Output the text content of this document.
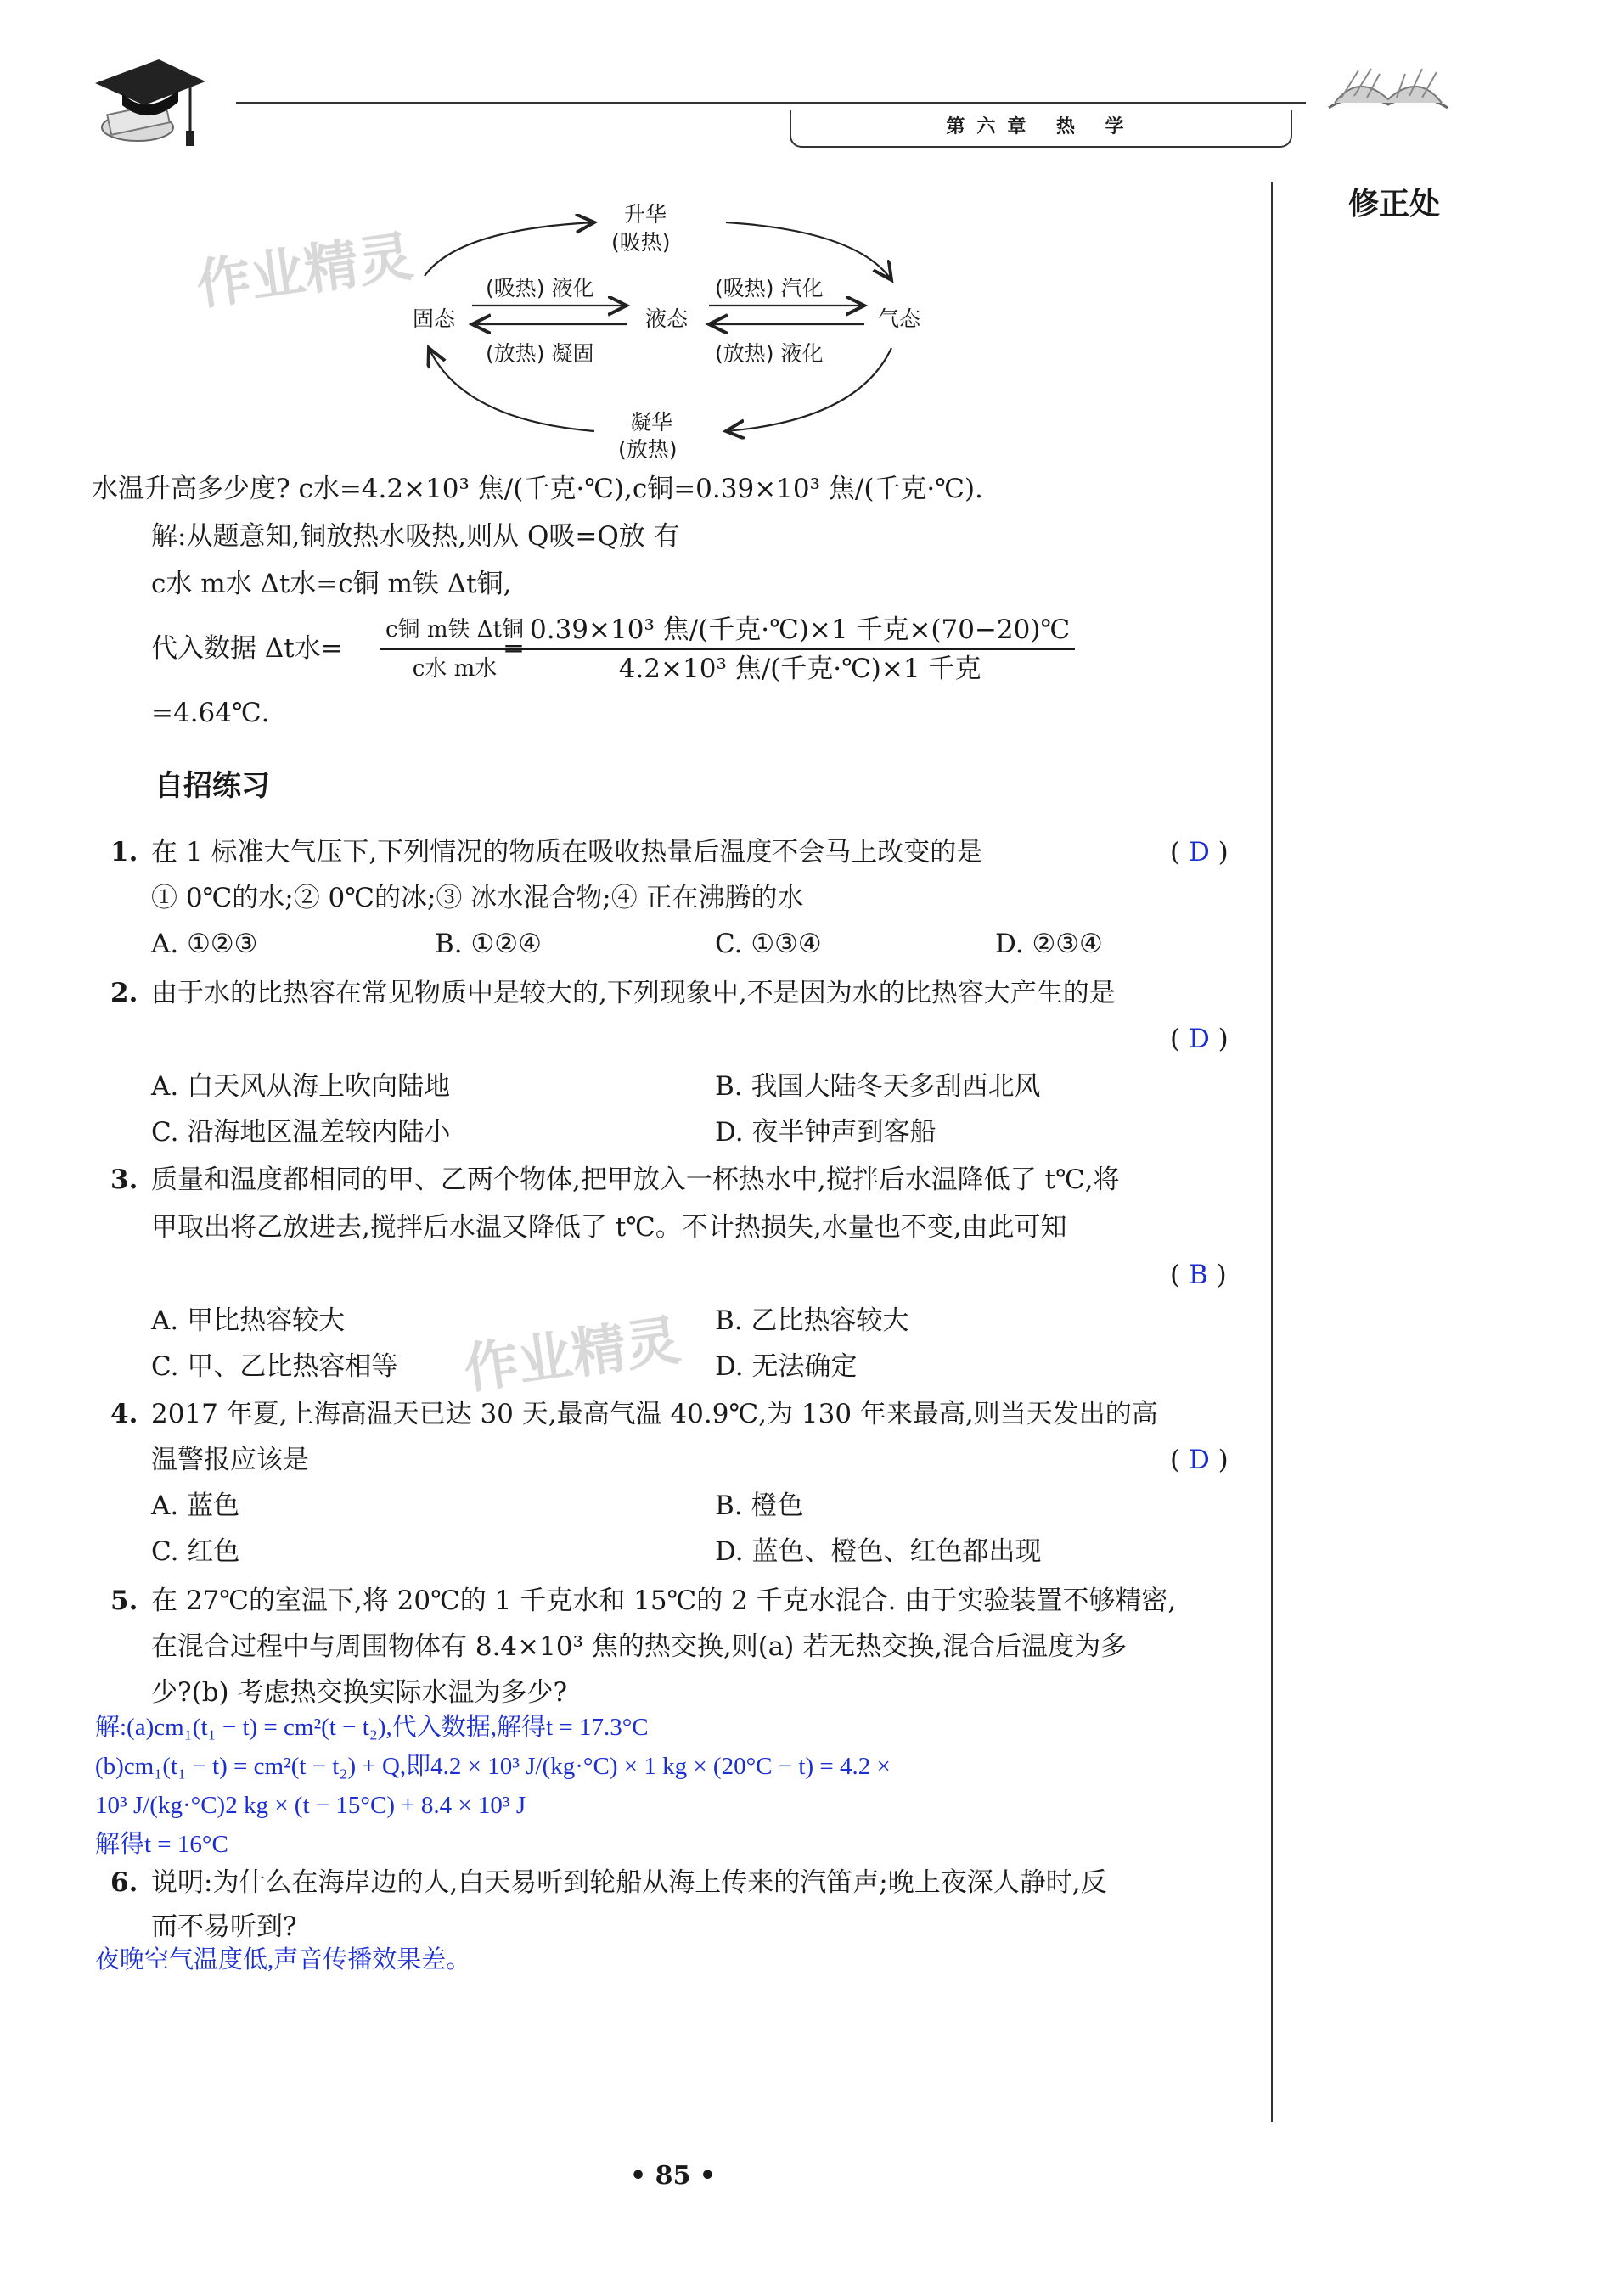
第六章 热 学
修正处
作业精灵
作业精灵
固态	液态	气态
升华
(吸热)
凝华
(放热)
(吸热) 液化
(放热) 凝固
(吸热) 汽化
(放热) 液化
水温升高多少度? c水=4.2×10³ 焦/(千克·℃),c铜=0.39×10³ 焦/(千克·℃).
解:从题意知,铜放热水吸热,则从 Q吸=Q放 有
c水 m水 Δt水=c铜 m铁 Δt铜,
代入数据 Δt水=
c铜 m铁 Δt铜
c水 m水
=
0.39×10³ 焦/(千克·℃)×1 千克×(70−20)℃
4.2×10³ 焦/(千克·℃)×1 千克
=4.64℃.
自招练习
1. 在 1 标准大气压下,下列情况的物质在吸收热量后温度不会马上改变的是	( D )
① 0℃的水;② 0℃的冰;③ 冰水混合物;④ 正在沸腾的水
A. ①②③	B. ①②④	C. ①③④	D. ②③④
2. 由于水的比热容在常见物质中是较大的,下列现象中,不是因为水的比热容大产生的是
( D )
A. 白天风从海上吹向陆地	B. 我国大陆冬天多刮西北风
C. 沿海地区温差较内陆小	D. 夜半钟声到客船
3. 质量和温度都相同的甲、乙两个物体,把甲放入一杯热水中,搅拌后水温降低了 t℃,将
甲取出将乙放进去,搅拌后水温又降低了 t℃。不计热损失,水量也不变,由此可知
( B )
A. 甲比热容较大	B. 乙比热容较大
C. 甲、乙比热容相等	D. 无法确定
4. 2017 年夏,上海高温天已达 30 天,最高气温 40.9℃,为 130 年来最高,则当天发出的高
温警报应该是	( D )
A. 蓝色	B. 橙色
C. 红色	D. 蓝色、橙色、红色都出现
5. 在 27℃的室温下,将 20℃的 1 千克水和 15℃的 2 千克水混合. 由于实验装置不够精密,
在混合过程中与周围物体有 8.4×10³ 焦的热交换,则(a) 若无热交换,混合后温度为多
少?(b) 考虑热交换实际水温为多少?
解:(a)cm₁(t₁ − t) = cm²(t − t₂),代入数据,解得t = 17.3°C
(b)cm₁(t₁ − t) = cm²(t − t₂) + Q,即4.2 × 10³ J/(kg·°C) × 1 kg × (20°C − t) = 4.2 ×
10³ J/(kg·°C)2 kg × (t − 15°C) + 8.4 × 10³ J
解得t = 16°C
6. 说明:为什么在海岸边的人,白天易听到轮船从海上传来的汽笛声;晚上夜深人静时,反
而不易听到?
夜晚空气温度低,声音传播效果差。
• 85 •
